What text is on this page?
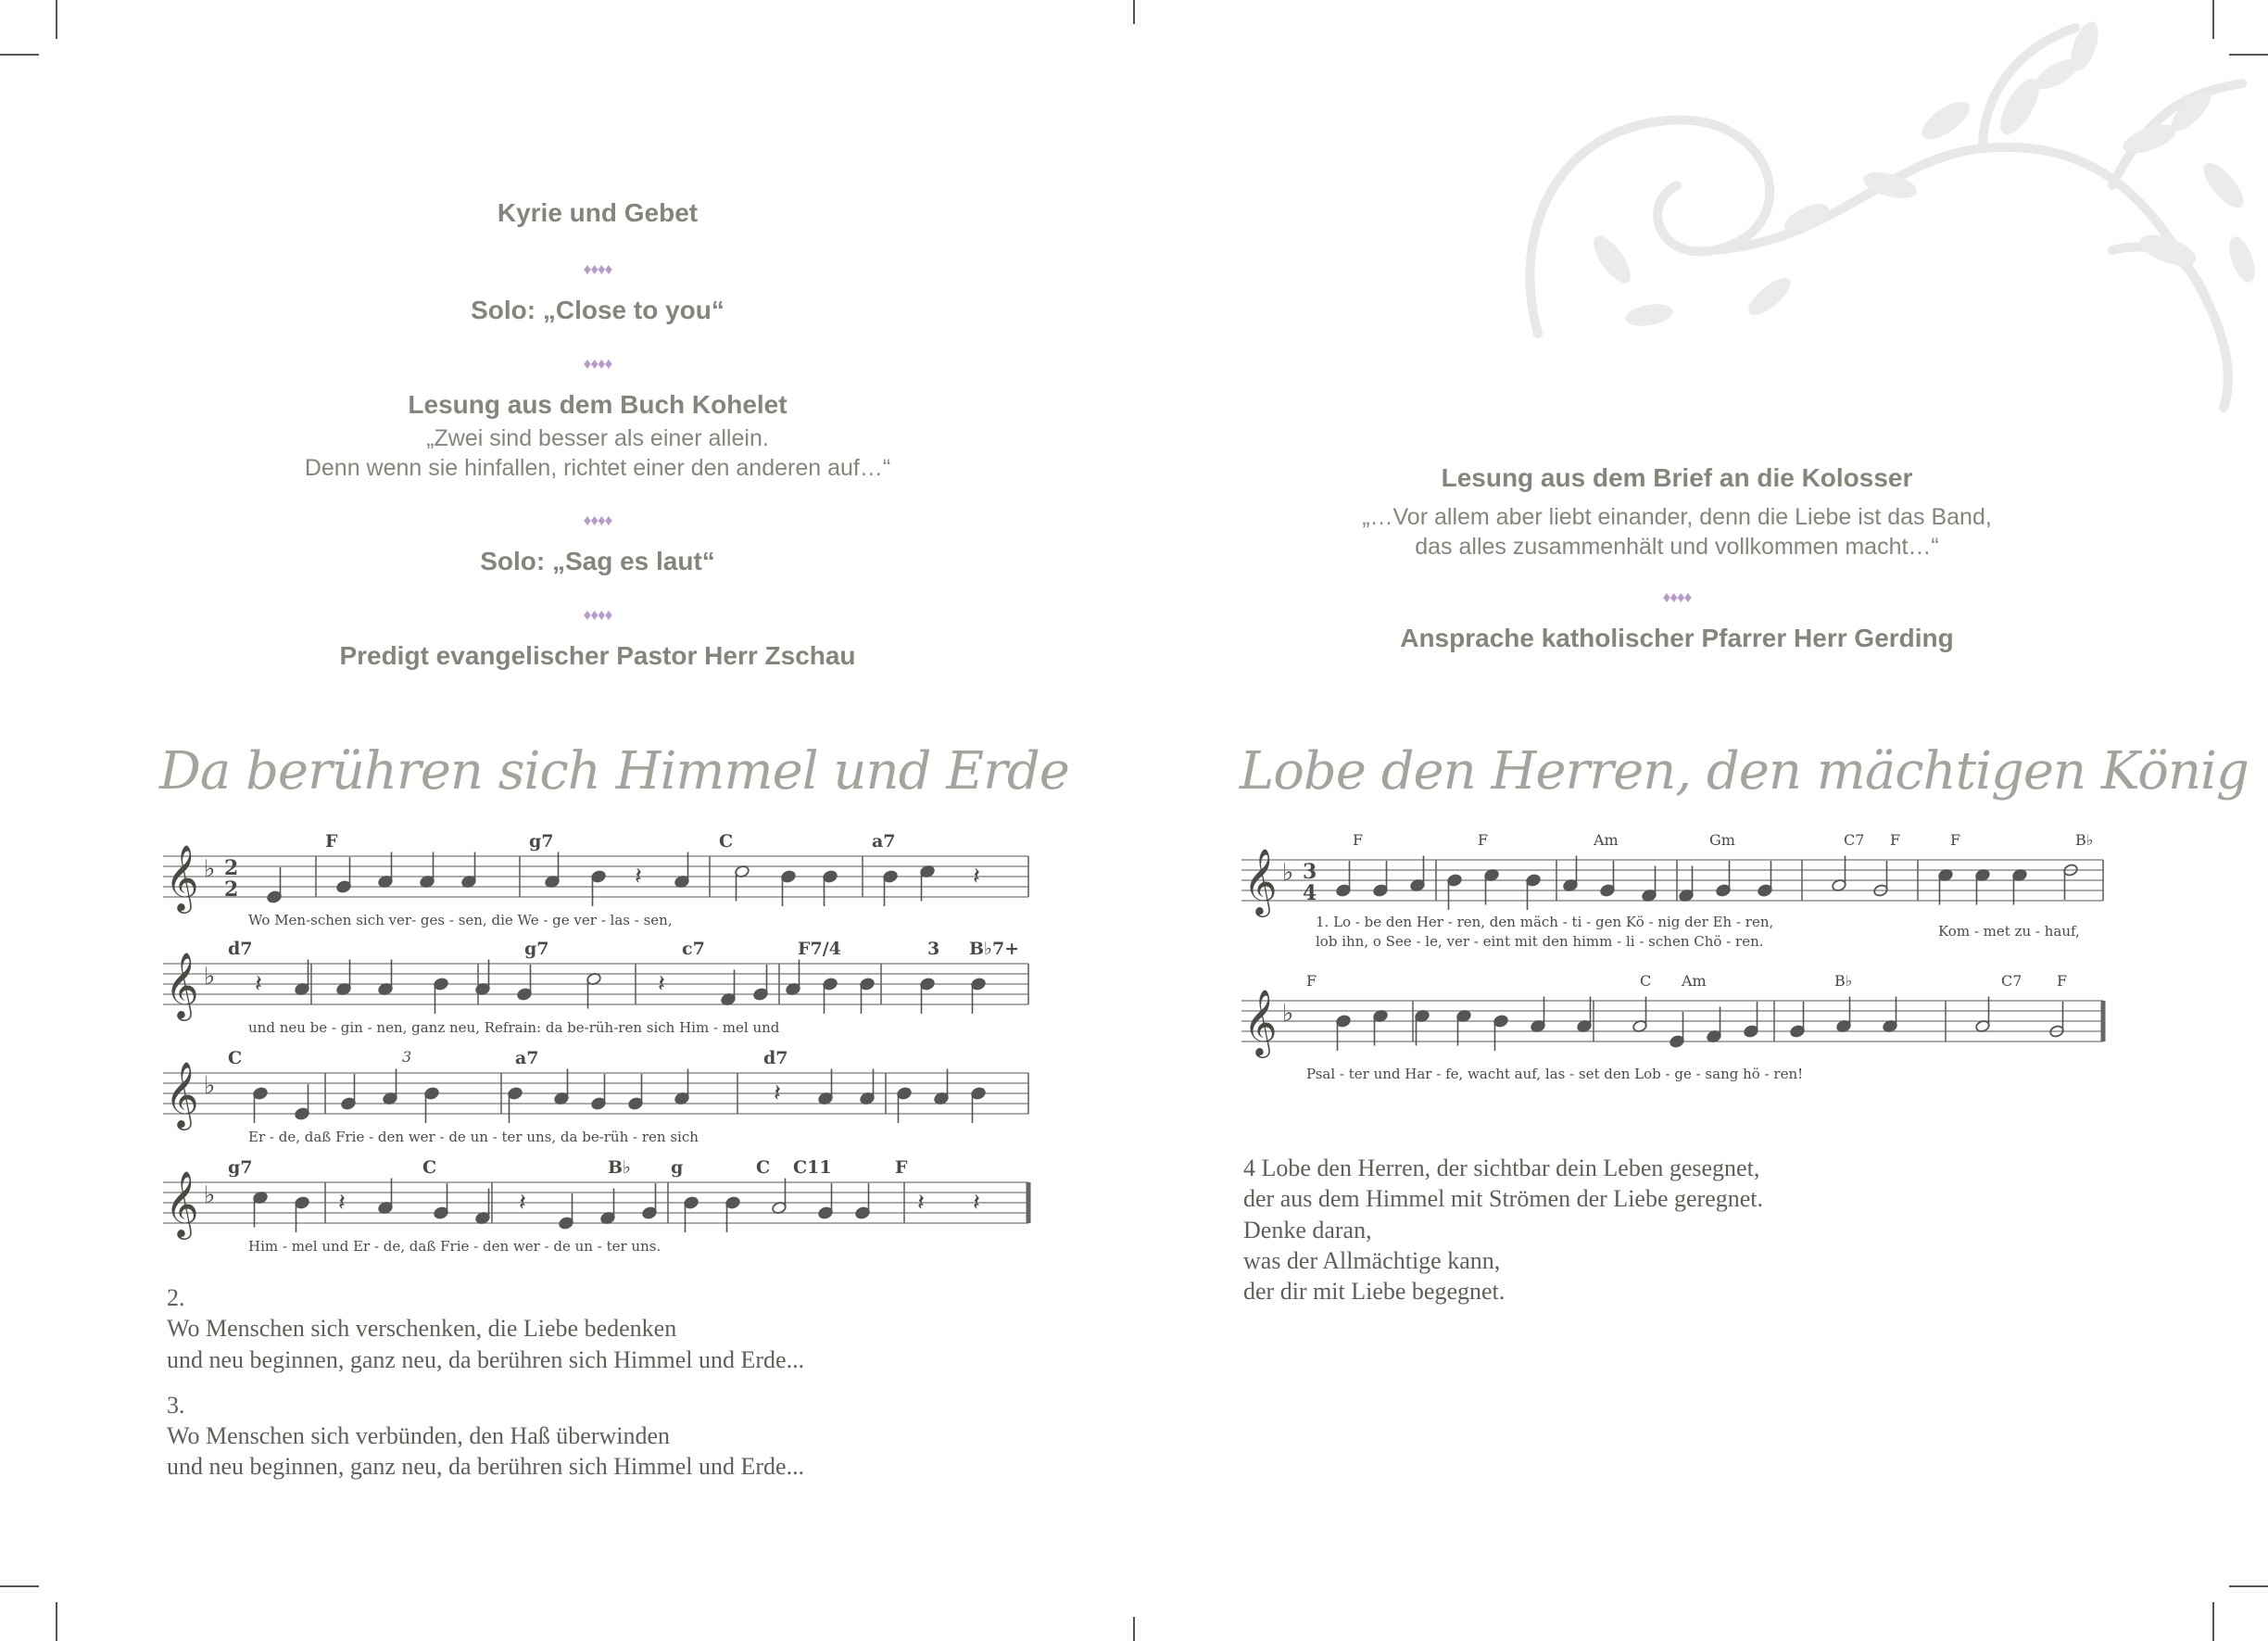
Kyrie und Gebet
♦♦♦♦
Solo: „Close to you“
♦♦♦♦
Lesung aus dem Buch Kohelet
„Zwei sind besser als einer allein.
Denn wenn sie hinfallen, richtet einer den anderen auf…“
♦♦♦♦
Solo: „Sag es laut“
♦♦♦♦
Predigt evangelischer Pastor Herr Zschau
Da berühren sich Himmel und Erde
𝄞 ♭ 2
2	𝄽	𝄽
F	g7	C	a7
Wo Men-schen sich ver- ges - sen, die We - ge ver - las - sen,
𝄞 ♭ 𝄽	𝄽
d7	g7	c7	F7/4	3 B♭7+
und neu be - gin - nen, ganz neu, Refrain: da be-rüh-ren sich Him - mel und
𝄞 ♭	𝄽
C	a7	d7
3
Er - de, daß Frie - den wer - de un - ter uns, da be-rüh - ren sich
𝄞 ♭	𝄽	𝄽	𝄽 𝄽
g7	C	B♭ g	C C11	F
Him - mel und Er - de, daß Frie - den wer - de un - ter uns.

2.

Wo Menschen sich verschenken, die Liebe bedenken

und neu beginnen, ganz neu, da berühren sich Himmel und Erde...

3.

Wo Menschen sich verbünden, den Haß überwinden

und neu beginnen, ganz neu, da berühren sich Himmel und Erde...

Lesung aus dem Brief an die Kolosser
„…Vor allem aber liebt einander, denn die Liebe ist das Band,
das alles zusammenhält und vollkommen macht…“
♦♦♦♦
Ansprache katholischer Pfarrer Herr Gerding
Lobe den Herren, den mächtigen König
𝄞 ♭ 3
4
F	F	Am	Gm	C7 F	F	B♭
1. Lo - be den Her - ren, den mäch - ti - gen Kö - nig der Eh - ren,
lob ihn, o See - le, ver - eint mit den himm - li - schen Chö - ren.
Kom - met zu - hauf,
𝄞 ♭
F	C Am	B♭	C7 F
Psal - ter und Har - fe, wacht auf, las - set den Lob - ge - sang hö - ren!

4 Lobe den Herren, der sichtbar dein Leben gesegnet,

der aus dem Himmel mit Strömen der Liebe geregnet.

Denke daran,

was der Allmächtige kann,

der dir mit Liebe begegnet.
